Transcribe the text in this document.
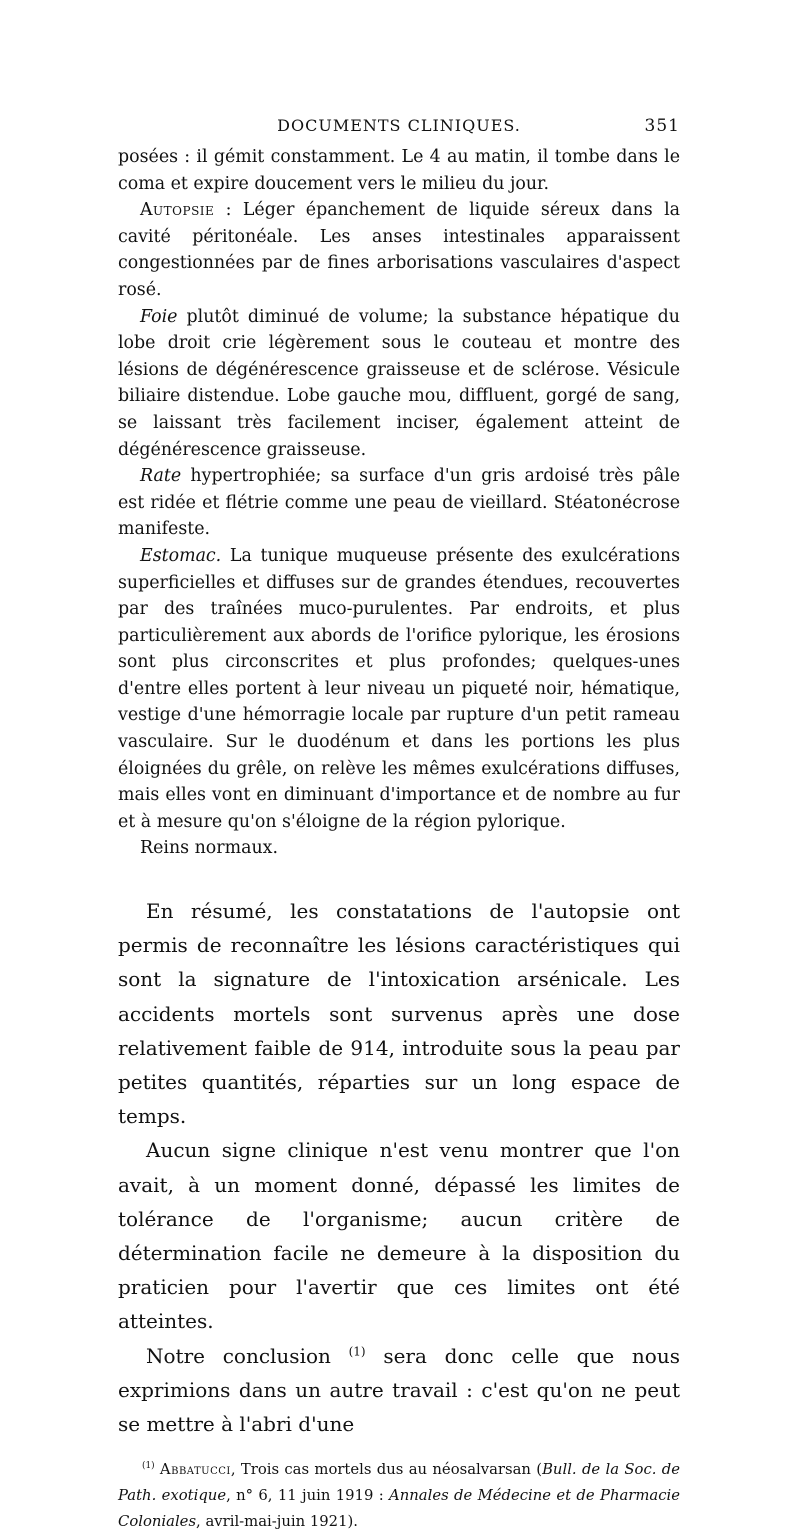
DOCUMENTS CLINIQUES.	351

posées : il gémit constamment. Le 4 au matin, il tombe dans le coma et expire doucement vers le milieu du jour.

Autopsie : Léger épanchement de liquide séreux dans la cavité péritonéale. Les anses intestinales apparaissent congestionnées par de fines arborisations vasculaires d'aspect rosé.

Foie plutôt diminué de volume; la substance hépatique du lobe droit crie légèrement sous le couteau et montre des lésions de dégénérescence graisseuse et de sclérose. Vésicule biliaire distendue. Lobe gauche mou, diffluent, gorgé de sang, se laissant très facilement inciser, également atteint de dégénérescence graisseuse.

Rate hypertrophiée; sa surface d'un gris ardoisé très pâle est ridée et flétrie comme une peau de vieillard. Stéatonécrose manifeste.

Estomac. La tunique muqueuse présente des exulcérations superficielles et diffuses sur de grandes étendues, recouvertes par des traînées muco-purulentes. Par endroits, et plus particulièrement aux abords de l'orifice pylorique, les érosions sont plus circonscrites et plus profondes; quelques-unes d'entre elles portent à leur niveau un piqueté noir, hématique, vestige d'une hémorragie locale par rupture d'un petit rameau vasculaire. Sur le duodénum et dans les portions les plus éloignées du grêle, on relève les mêmes exulcérations diffuses, mais elles vont en diminuant d'importance et de nombre au fur et à mesure qu'on s'éloigne de la région pylorique.

Reins normaux.

En résumé, les constatations de l'autopsie ont permis de reconnaître les lésions caractéristiques qui sont la signature de l'intoxication arsénicale. Les accidents mortels sont survenus après une dose relativement faible de 914, introduite sous la peau par petites quantités, réparties sur un long espace de temps.

Aucun signe clinique n'est venu montrer que l'on avait, à un moment donné, dépassé les limites de tolérance de l'organisme; aucun critère de détermination facile ne demeure à la disposition du praticien pour l'avertir que ces limites ont été atteintes.

Notre conclusion $^{(1)}$ sera donc celle que nous exprimions dans un autre travail : c'est qu'on ne peut se mettre à l'abri d'une

$^{(1)}$ Abbatucci, Trois cas mortels dus au néosalvarsan (Bull. de la Soc. de Path. exotique, n° 6, 11 juin 1919 : Annales de Médecine et de Pharmacie Coloniales, avril-mai-juin 1921).
